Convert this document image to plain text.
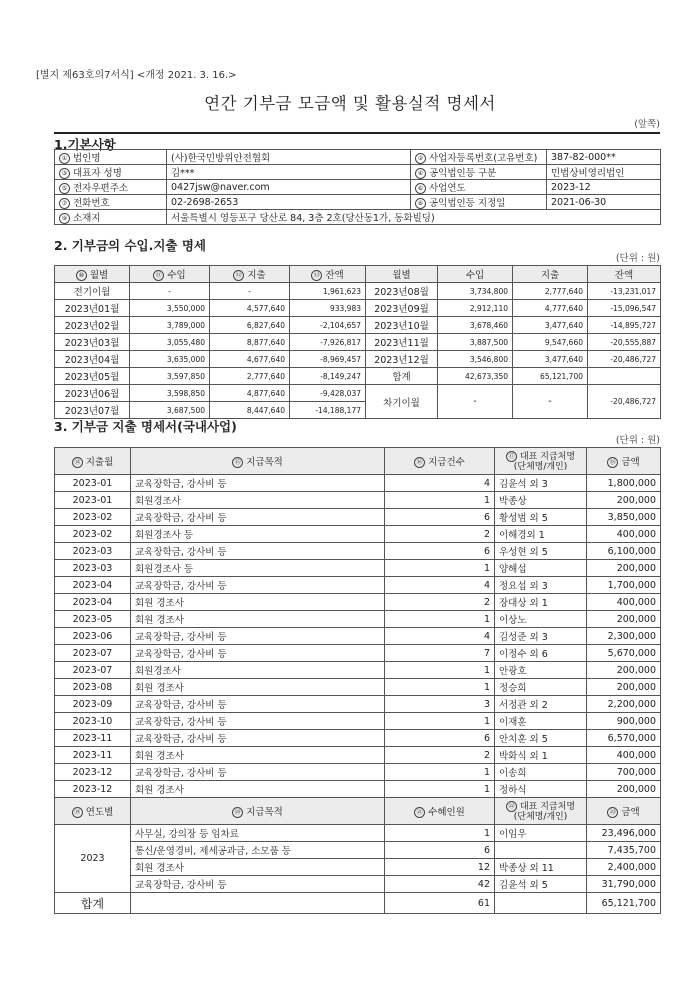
[별지 제63호의7서식] <개정 2021. 3. 16.>
연간 기부금 모금액 및 활용실적 명세서
(앞쪽)
1.기본사항
① 법인명	(사)한국민방위안전협회	② 사업자등록번호(고유번호)	387-82-000**
③ 대표자 성명	김***	④ 공익법인등 구분	민법상비영리법인
⑤ 전자우편주소	0427jsw@naver.com	⑥ 사업연도	2023-12
⑦ 전화번호	02-2698-2653	⑧ 공익법인등 지정일	2021-06-30
⑨ 소재지	서울특별시 영등포구 당산로 84, 3층 2호(당산동1가, 동화빌딩)		
2. 기부금의 수입.지출 명세
(단위 : 원)
⑩ 월별	⑪ 수입	⑫ 지출	⑬ 잔액	월별	수입	지출	잔액
전기이월	-	-	1,961,623	2023년08월	3,734,800	2,777,640	-13,231,017
2023년01월	3,550,000	4,577,640	933,983	2023년09월	2,912,110	4,777,640	-15,096,547
2023년02월	3,789,000	6,827,640	-2,104,657	2023년10월	3,678,460	3,477,640	-14,895,727
2023년03월	3,055,480	8,877,640	-7,926,817	2023년11월	3,887,500	9,547,660	-20,555,887
2023년04월	3,635,000	4,677,640	-8,969,457	2023년12월	3,546,800	3,477,640	-20,486,727
2023년05월	3,597,850	2,777,640	-8,149,247	합계	42,673,350	65,121,700	
2023년06월	3,598,850	4,877,640	-9,428,037	차기이월	-	-	-20,486,727
2023년07월	3,687,500	8,447,640	-14,188,177				
3. 기부금 지출 명세서(국내사업)
(단위 : 원)
⑭ 지출월	⑮ 지급목적	⑯ 지급건수	⑰ 대표 지급처명
(단체명/개인)	⑱ 금액
2023-01	교육장학금, 강사비 등	4	김윤석 외 3	1,800,000
2023-01	회원경조사	1	박종상	200,000
2023-02	교육장학금, 강사비 등	6	황성범 외 5	3,850,000
2023-02	회원경조사 등	2	이해경외 1	400,000
2023-03	교육장학금, 강사비 등	6	우성현 외 5	6,100,000
2023-03	회원경조사 등	1	양해섭	200,000
2023-04	교육장학금, 강사비 등	4	정요섭 외 3	1,700,000
2023-04	회원 경조사	2	장대상 외 1	400,000
2023-05	회원 경조사	1	이상노	200,000
2023-06	교육장학금, 강사비 등	4	김성준 외 3	2,300,000
2023-07	교육장학금, 강사비 등	7	이정수 외 6	5,670,000
2023-07	회원경조사	1	안광호	200,000
2023-08	회원 경조사	1	정승희	200,000
2023-09	교육장학금, 강사비 등	3	서정관 외 2	2,200,000
2023-10	교육장학금, 강사비 등	1	이재훈	900,000
2023-11	교육장학금, 강사비 등	6	안치훈 외 5	6,570,000
2023-11	회원 경조사	2	박화식 외 1	400,000
2023-12	교육장학금, 강사비 등	1	이송희	700,000
2023-12	회원 경조사	1	정하식	200,000
⑲ 연도별	⑳ 지급목적	㉑ 수혜인원	㉒ 대표 지급처명
(단체명/개인)	㉓ 금액
2023	사무실, 강의장 등 임차료	1	이임우	23,496,000
	통신/운영경비, 제세공과금, 소모품 등	6		7,435,700
	회원 경조사	12	박종상 외 11	2,400,000
	교육장학금, 강사비 등	42	김윤석 외 5	31,790,000
합계		61		65,121,700
